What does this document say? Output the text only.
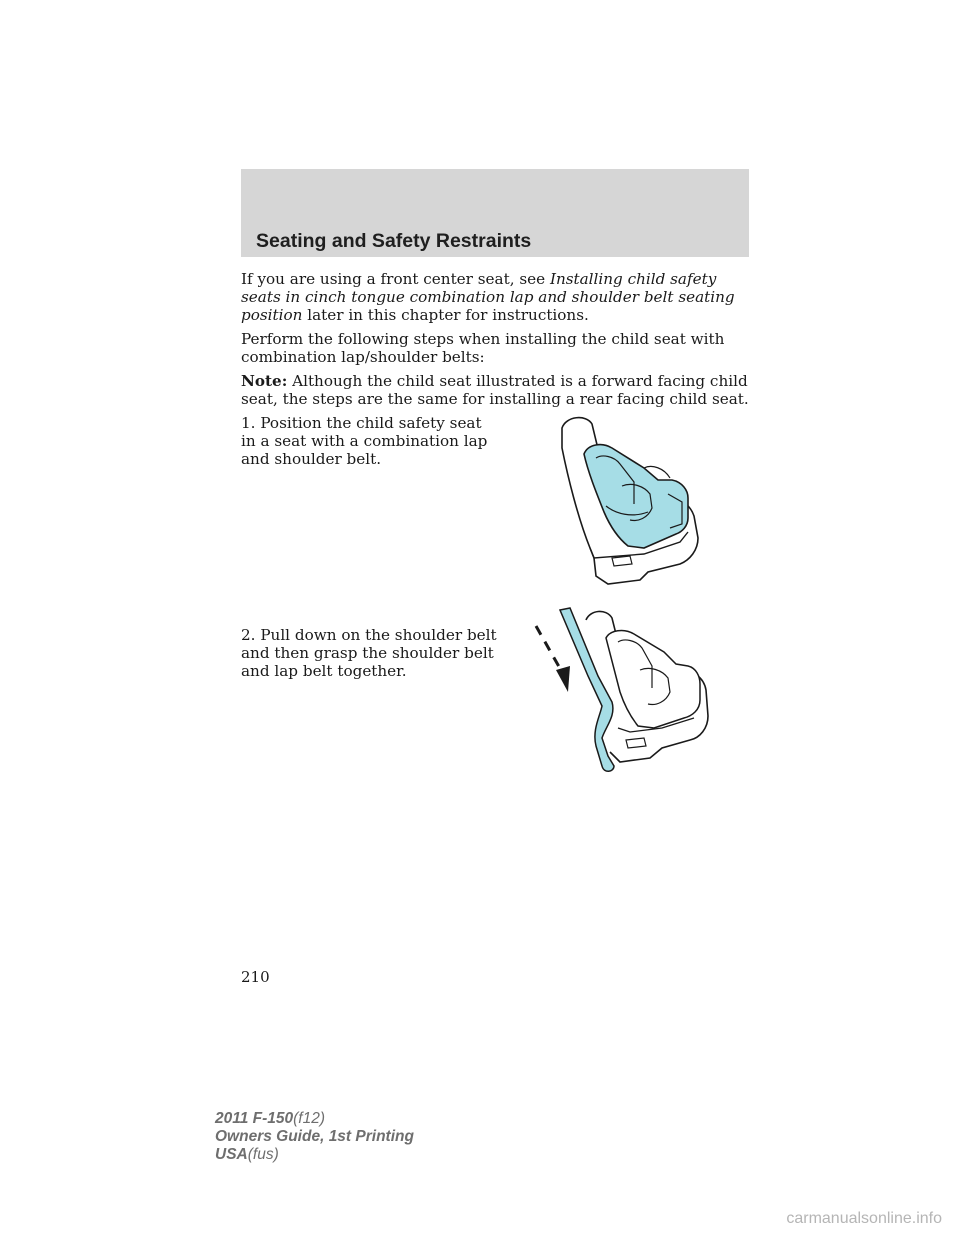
Seating and Safety Restraints
If you are using a front center seat, see Installing child safety seats in cinch tongue combination lap and shoulder belt seating position later in this chapter for instructions.
Perform the following steps when installing the child seat with combination lap/shoulder belts:
Note: Although the child seat illustrated is a forward facing child seat, the steps are the same for installing a rear facing child seat.
1. Position the child safety seat in a seat with a combination lap and shoulder belt.
2. Pull down on the shoulder belt and then grasp the shoulder belt and lap belt together.
210
2011 F-150(f12)
Owners Guide, 1st Printing
USA(fus)
carmanualsonline.info
